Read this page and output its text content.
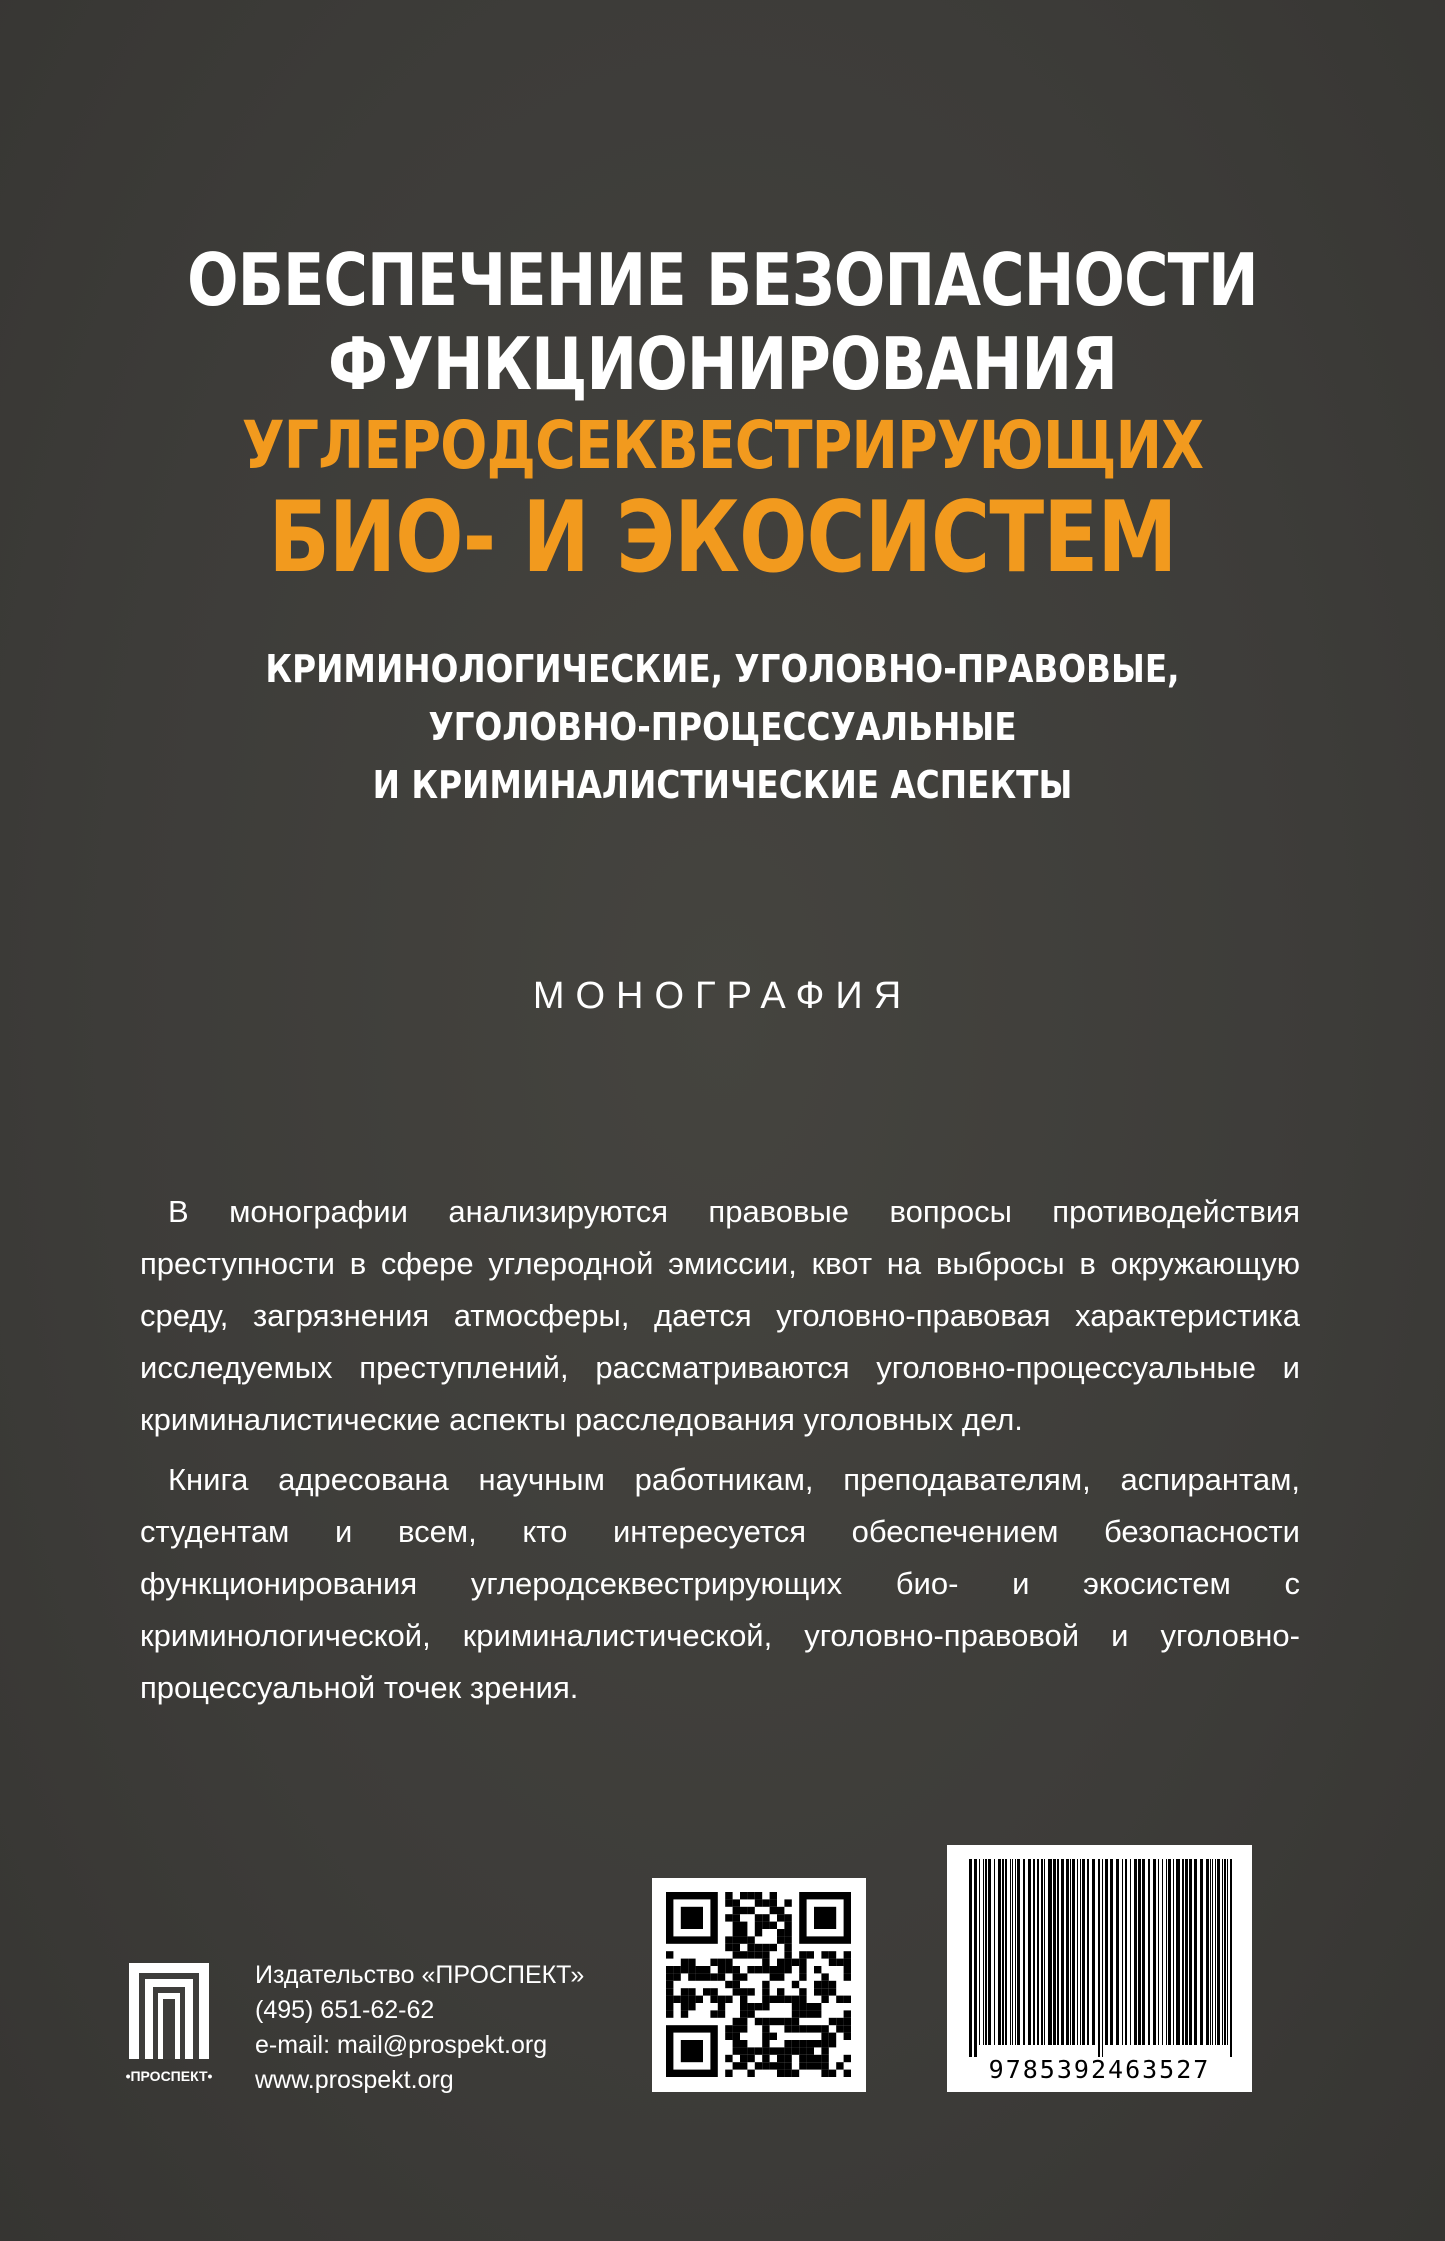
ОБЕСПЕЧЕНИЕ БЕЗОПАСНОСТИ
ФУНКЦИОНИРОВАНИЯ
УГЛЕРОДСЕКВЕСТРИРУЮЩИХ
БИО- И ЭКОСИСТЕМ
КРИМИНОЛОГИЧЕСКИЕ, УГОЛОВНО-ПРАВОВЫЕ,
УГОЛОВНО-ПРОЦЕССУАЛЬНЫЕ
И КРИМИНАЛИСТИЧЕСКИЕ АСПЕКТЫ
МОНОГРАФИЯ

В монографии анализируются правовые вопросы противодействия преступности в сфере углеродной эмиссии, квот на выбросы в окружающую среду, загрязнения атмосферы, дается уголовно-правовая характеристика исследуемых преступлений, рассматриваются уголовно-процессуальные и криминалистические аспекты расследования уголовных дел.

Книга адресована научным работникам, преподавателям, аспирантам, студентам и всем, кто интересуется обеспечением безопасности функционирования углеродсеквестрирующих био- и экосистем с криминологической, криминалистической, уголовно-правовой и уголовно-процессуальной точек зрения.

•ПРОСПЕКТ•
Издательство «ПРОСПЕКТ»
(495) 651-62-62
e-mail: mail@prospekt.org
www.prospekt.org	9785392463527
